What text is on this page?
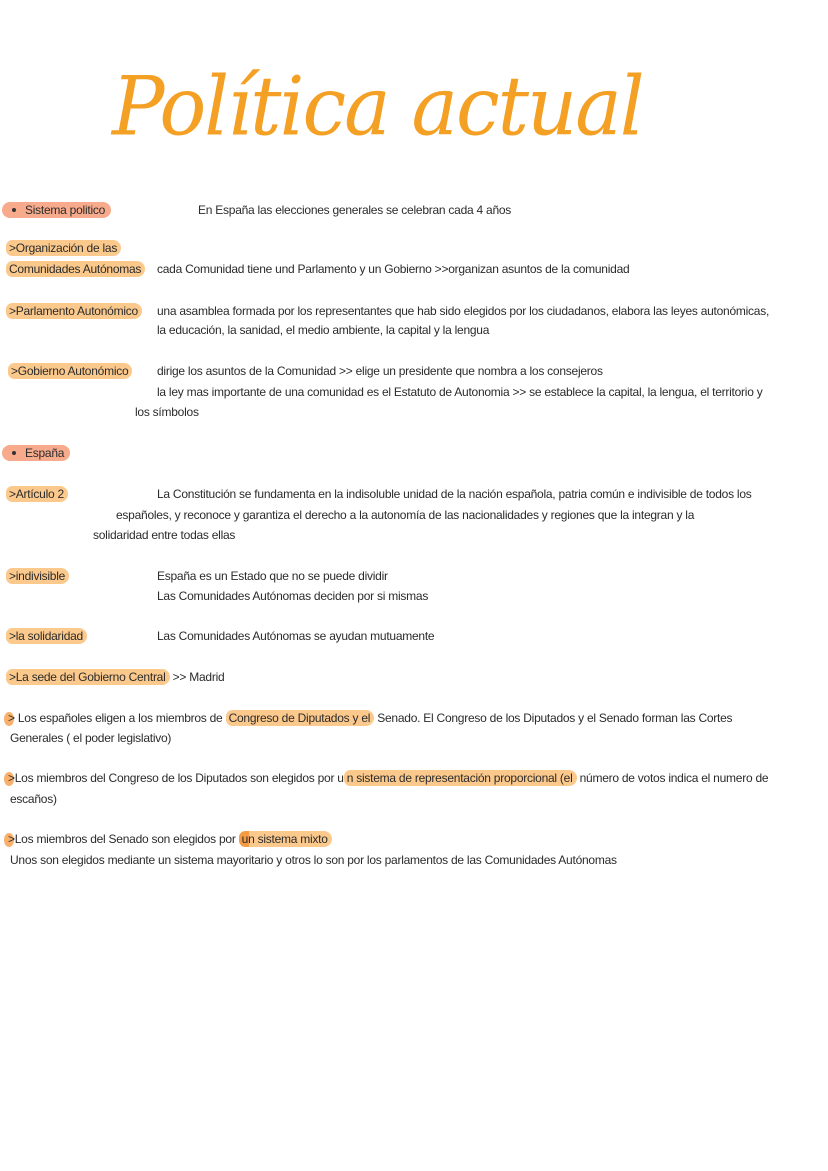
Política actual
Sistema politico	En España las elecciones generales se celebran cada 4 años
>Organización de las
Comunidades Autónomas	cada Comunidad tiene und Parlamento y un Gobierno >>organizan asuntos de la comunidad
>Parlamento Autonómico	una asamblea formada por los representantes que hab sido elegidos por los ciudadanos, elabora las leyes autonómicas,
la educación, la sanidad, el medio ambiente, la capital y la lengua
>Gobierno Autonómico	dirige los asuntos de la Comunidad >> elige un presidente que nombra a los consejeros
la ley mas importante de una comunidad es el Estatuto de Autonomia >> se establece la capital, la lengua, el territorio y
los símbolos
España
>Artículo 2	La Constitución se fundamenta en la indisoluble unidad de la nación española, patria común e indivisible de todos los
españoles, y reconoce y garantiza el derecho a la autonomía de las nacionalidades y regiones que la integran y la
solidaridad entre todas ellas
>indivisible	España es un Estado que no se puede dividir
Las Comunidades Autónomas deciden por si mismas
>la solidaridad	Las Comunidades Autónomas se ayudan mutuamente
>La sede del Gobierno Central >> Madrid
> Los españoles eligen a los miembros de Congreso de Diputados y el Senado. El Congreso de los Diputados y el Senado forman las Cortes
Generales ( el poder legislativo)
>Los miembros del Congreso de los Diputados son elegidos por u n sistema de representación proporcional (el número de votos indica el numero de
escaños)
>Los miembros del Senado son elegidos por un sistema mixto
Unos son elegidos mediante un sistema mayoritario y otros lo son por los parlamentos de las Comunidades Autónomas
